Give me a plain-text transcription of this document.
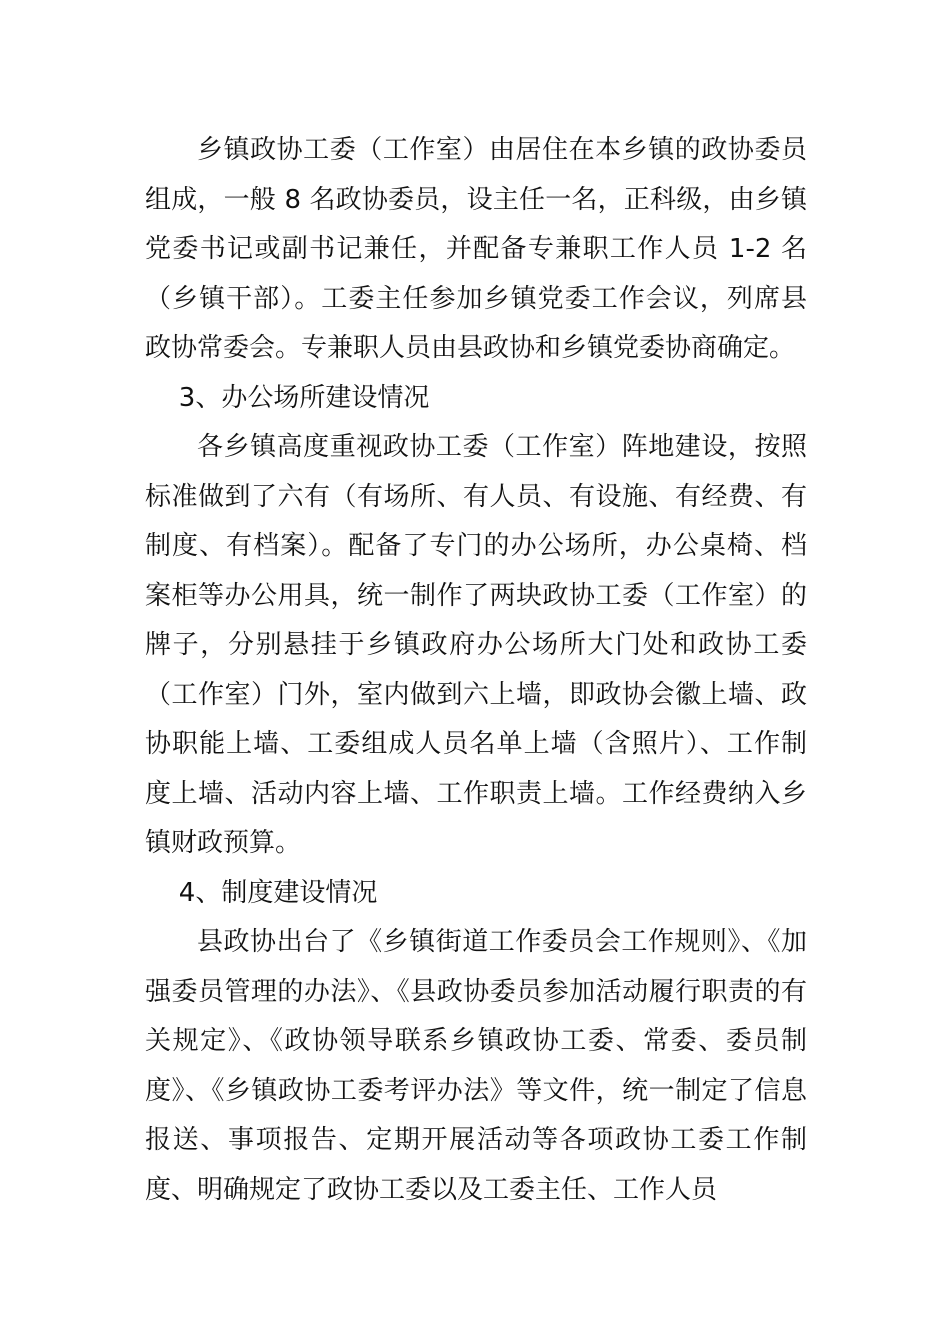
乡镇政协工委（工作室）由居住在本乡镇的政协委员组成，一般 8 名政协委员，设主任一名，正科级，由乡镇党委书记或副书记兼任，并配备专兼职工作人员 1-2 名（乡镇干部）。工委主任参加乡镇党委工作会议，列席县政协常委会。专兼职人员由县政协和乡镇党委协商确定。

3、办公场所建设情况

各乡镇高度重视政协工委（工作室）阵地建设，按照标准做到了六有（有场所、有人员、有设施、有经费、有制度、有档案）。配备了专门的办公场所，办公桌椅、档案柜等办公用具，统一制作了两块政协工委（工作室）的牌子，分别悬挂于乡镇政府办公场所大门处和政协工委（工作室）门外，室内做到六上墙，即政协会徽上墙、政协职能上墙、工委组成人员名单上墙（含照片）、工作制度上墙、活动内容上墙、工作职责上墙。工作经费纳入乡镇财政预算。

4、制度建设情况

县政协出台了《乡镇街道工作委员会工作规则》、《加强委员管理的办法》、《县政协委员参加活动履行职责的有关规定》、《政协领导联系乡镇政协工委、常委、委员制度》、《乡镇政协工委考评办法》等文件，统一制定了信息报送、事项报告、定期开展活动等各项政协工委工作制度、明确规定了政协工委以及工委主任、工作人员
